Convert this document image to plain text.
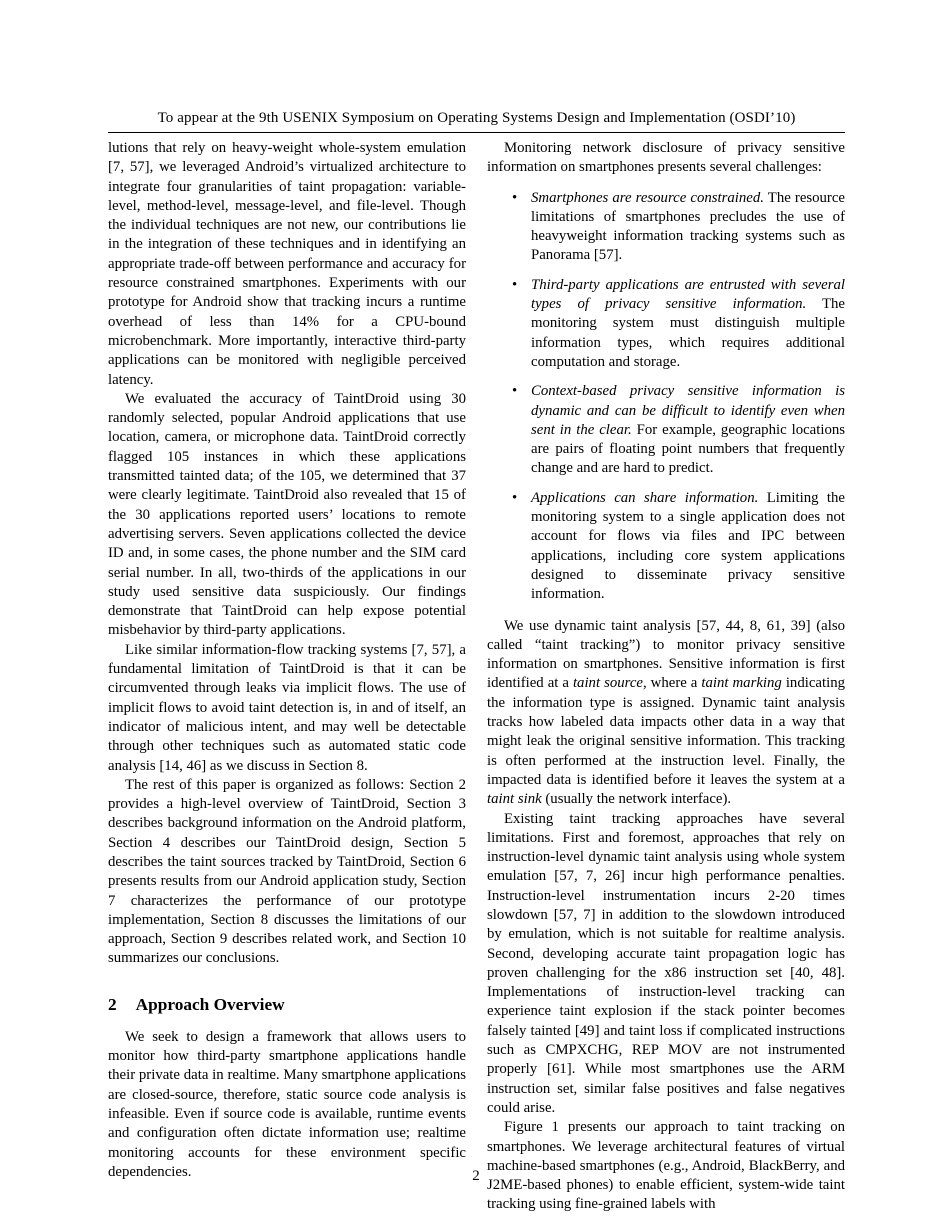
To appear at the 9th USENIX Symposium on Operating Systems Design and Implementation (OSDI’10)

lutions that rely on heavy-weight whole-system emulation [7, 57], we leveraged Android’s virtualized architecture to integrate four granularities of taint propagation: variable-level, method-level, message-level, and file-level. Though the individual techniques are not new, our contributions lie in the integration of these techniques and in identifying an appropriate trade-off between performance and accuracy for resource constrained smartphones. Experiments with our prototype for Android show that tracking incurs a runtime overhead of less than 14% for a CPU-bound microbenchmark. More importantly, interactive third-party applications can be monitored with negligible perceived latency.

We evaluated the accuracy of TaintDroid using 30 randomly selected, popular Android applications that use location, camera, or microphone data. TaintDroid correctly flagged 105 instances in which these applications transmitted tainted data; of the 105, we determined that 37 were clearly legitimate. TaintDroid also revealed that 15 of the 30 applications reported users’ locations to remote advertising servers. Seven applications collected the device ID and, in some cases, the phone number and the SIM card serial number. In all, two-thirds of the applications in our study used sensitive data suspiciously. Our findings demonstrate that TaintDroid can help expose potential misbehavior by third-party applications.

Like similar information-flow tracking systems [7, 57], a fundamental limitation of TaintDroid is that it can be circumvented through leaks via implicit flows. The use of implicit flows to avoid taint detection is, in and of itself, an indicator of malicious intent, and may well be detectable through other techniques such as automated static code analysis [14, 46] as we discuss in Section 8.

The rest of this paper is organized as follows: Section 2 provides a high-level overview of TaintDroid, Section 3 describes background information on the Android platform, Section 4 describes our TaintDroid design, Section 5 describes the taint sources tracked by TaintDroid, Section 6 presents results from our Android application study, Section 7 characterizes the performance of our prototype implementation, Section 8 discusses the limitations of our approach, Section 9 describes related work, and Section 10 summarizes our conclusions.

2 Approach Overview

We seek to design a framework that allows users to monitor how third-party smartphone applications handle their private data in realtime. Many smartphone applications are closed-source, therefore, static source code analysis is infeasible. Even if source code is available, runtime events and configuration often dictate information use; realtime monitoring accounts for these environment specific dependencies.

Monitoring network disclosure of privacy sensitive information on smartphones presents several challenges:

• Smartphones are resource constrained. The resource limitations of smartphones precludes the use of heavyweight information tracking systems such as Panorama [57].
• Third-party applications are entrusted with several types of privacy sensitive information. The monitoring system must distinguish multiple information types, which requires additional computation and storage.
• Context-based privacy sensitive information is dynamic and can be difficult to identify even when sent in the clear. For example, geographic locations are pairs of floating point numbers that frequently change and are hard to predict.
• Applications can share information. Limiting the monitoring system to a single application does not account for flows via files and IPC between applications, including core system applications designed to disseminate privacy sensitive information.

We use dynamic taint analysis [57, 44, 8, 61, 39] (also called “taint tracking”) to monitor privacy sensitive information on smartphones. Sensitive information is first identified at a taint source, where a taint marking indicating the information type is assigned. Dynamic taint analysis tracks how labeled data impacts other data in a way that might leak the original sensitive information. This tracking is often performed at the instruction level. Finally, the impacted data is identified before it leaves the system at a taint sink (usually the network interface).

Existing taint tracking approaches have several limitations. First and foremost, approaches that rely on instruction-level dynamic taint analysis using whole system emulation [57, 7, 26] incur high performance penalties. Instruction-level instrumentation incurs 2-20 times slowdown [57, 7] in addition to the slowdown introduced by emulation, which is not suitable for realtime analysis. Second, developing accurate taint propagation logic has proven challenging for the x86 instruction set [40, 48]. Implementations of instruction-level tracking can experience taint explosion if the stack pointer becomes falsely tainted [49] and taint loss if complicated instructions such as CMPXCHG, REP MOV are not instrumented properly [61]. While most smartphones use the ARM instruction set, similar false positives and false negatives could arise.

Figure 1 presents our approach to taint tracking on smartphones. We leverage architectural features of virtual machine-based smartphones (e.g., Android, BlackBerry, and J2ME-based phones) to enable efficient, system-wide taint tracking using fine-grained labels with

2
